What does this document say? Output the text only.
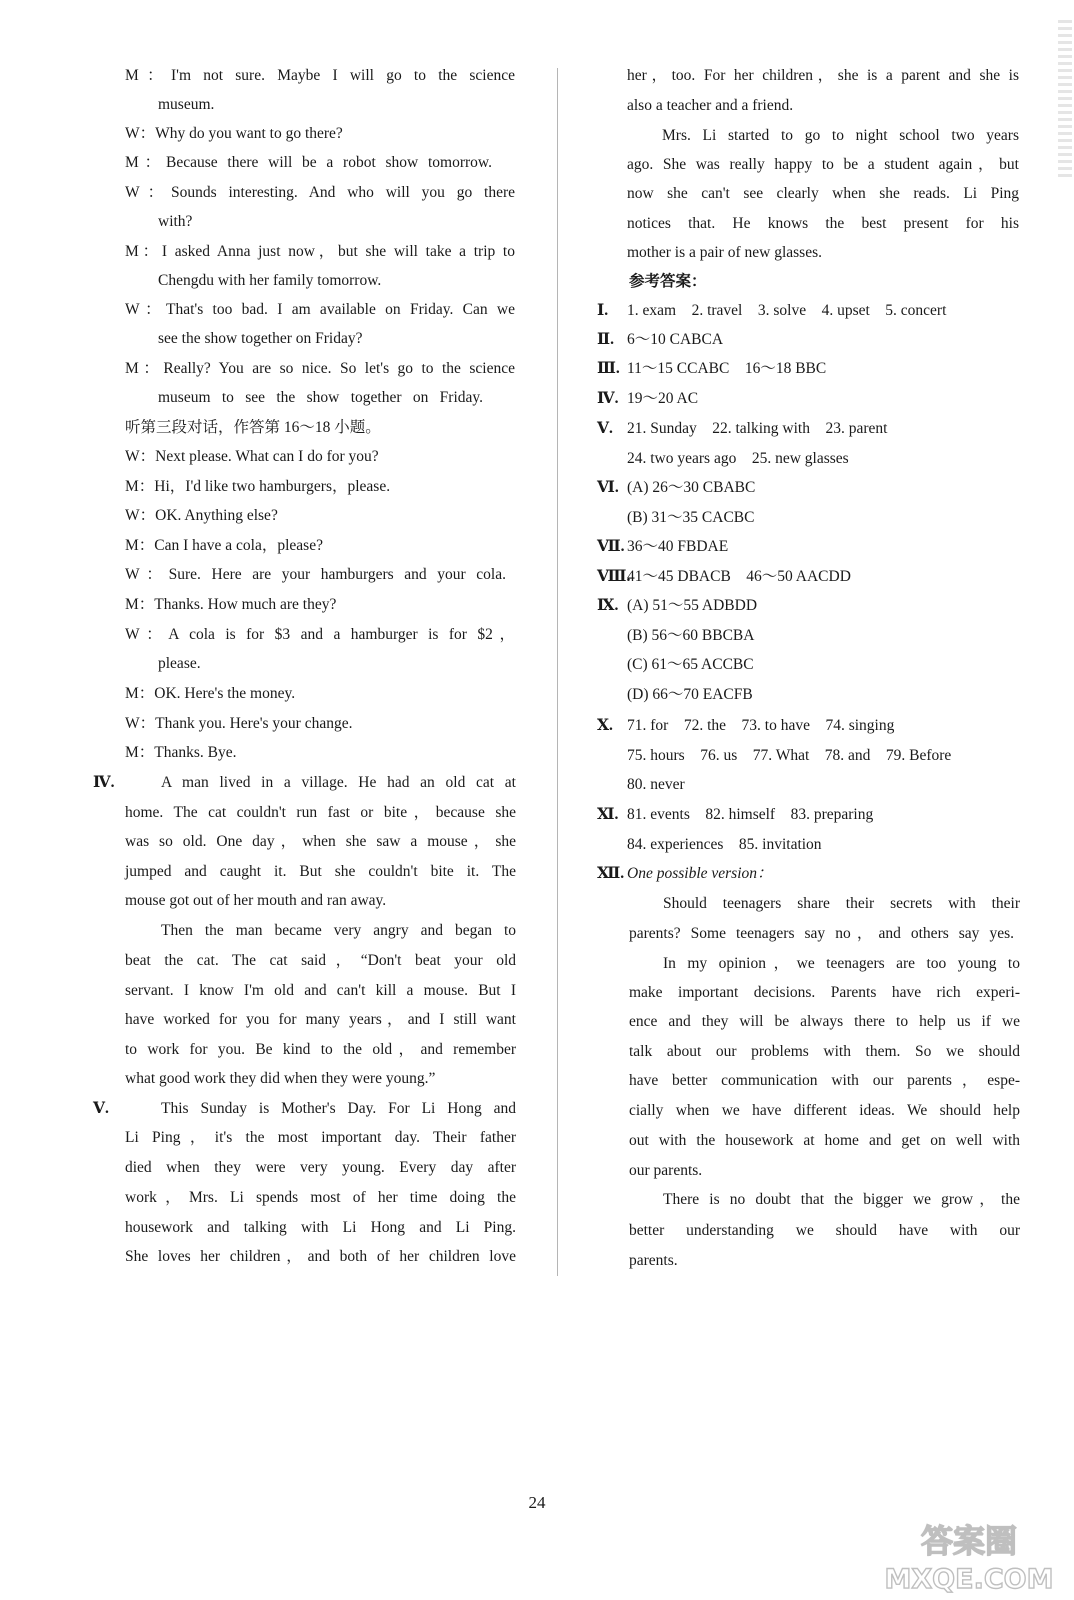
M：I'm not sure. Maybe I will go to the science
museum.
W：Why do you want to go there?
M：Because there will be a robot show tomorrow.
W：Sounds interesting. And who will you go there
with?
M：I asked Anna just now，but she will take a trip to
Chengdu with her family tomorrow.
W：That's too bad. I am available on Friday. Can we
see the show together on Friday?
M：Really? You are so nice. So let's go to the science
museum to see the show together on Friday.
听第三段对话，作答第 16～18 小题。
W：Next please. What can I do for you?
M：Hi，I'd like two hamburgers，please.
W：OK. Anything else?
M：Can I have a cola，please?
W：Sure. Here are your hamburgers and your cola.
M：Thanks. How much are they?
W：A cola is for $3 and a hamburger is for $2，
please.
M：OK. Here's the money.
W：Thank you. Here's your change.
M：Thanks. Bye.
Ⅳ.	A man lived in a village. He had an old cat at
home. The cat couldn't run fast or bite，because she
was so old. One day，when she saw a mouse，she
jumped and caught it. But she couldn't bite it. The
mouse got out of her mouth and ran away.
Then the man became very angry and began to
beat the cat. The cat said，“Don't beat your old
servant. I know I'm old and can't kill a mouse. But I
have worked for you for many years，and I still want
to work for you. Be kind to the old，and remember
what good work they did when they were young.”
Ⅴ.	This Sunday is Mother's Day. For Li Hong and
Li Ping，it's the most important day. Their father
died when they were very young. Every day after
work，Mrs. Li spends most of her time doing the
housework and talking with Li Hong and Li Ping.
She loves her children，and both of her children love
her，too. For her children，she is a parent and she is
also a teacher and a friend.
Mrs. Li started to go to night school two years
ago. She was really happy to be a student again，but
now she can't see clearly when she reads. Li Ping
notices that. He knows the best present for his
mother is a pair of new glasses.
参考答案：
Ⅰ. 1. exam　2. travel　3. solve　4. upset　5. concert
Ⅱ. 6～10 CABCA
Ⅲ. 11～15 CCABC　16～18 BBC
Ⅳ. 19～20 AC
Ⅴ. 21. Sunday　22. talking with　23. parent
24. two years ago　25. new glasses
Ⅵ. (A) 26～30 CBABC
(B) 31～35 CACBC
Ⅶ. 36～40 FBDAE
Ⅷ.
41～45 DBACB　46～50 AACDD
Ⅸ. (A) 51～55 ADBDD
(B) 56～60 BBCBA
(C) 61～65 ACCBC
(D) 66～70 EACFB
Ⅹ. 71. for　72. the　73. to have　74. singing
75. hours　76. us　77. What　78. and　79. Before
80. never
Ⅺ. 81. events　82. himself　83. preparing
84. experiences　85. invitation
Ⅻ. One possible version：
Should teenagers share their secrets with their
parents? Some teenagers say no，and others say yes.
In my opinion，we teenagers are too young to
make important decisions. Parents have rich experi-
ence and they will be always there to help us if we
talk about our problems with them. So we should
have better communication with our parents，espe-
cially when we have different ideas. We should help
out with the housework at home and get on well with
our parents.
There is no doubt that the bigger we grow，the
better understanding we should have with our
parents.
24
答案圈
MXQE.COM
